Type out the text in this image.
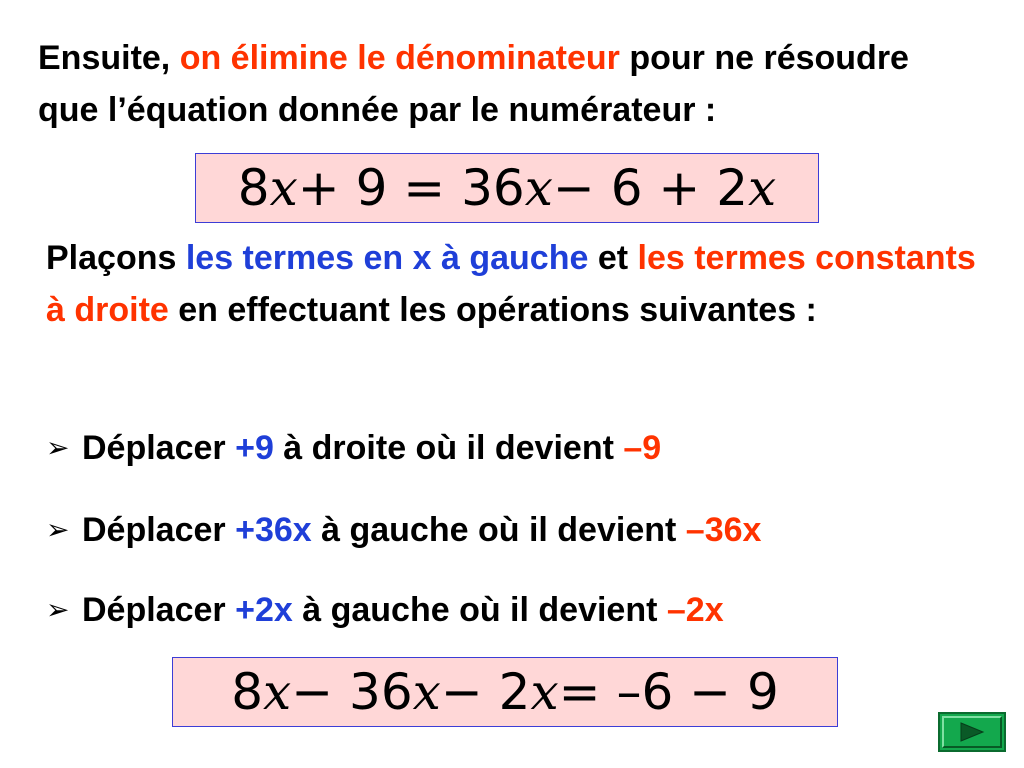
Ensuite, on élimine le dénominateur pour ne résoudre que l’équation donnée par le numérateur :

8 x + 9 = 36 x − 6 + 2 x

Plaçons les termes en x à gauche et les termes constants à droite en effectuant les opérations suivantes :

➢ Déplacer +9 à droite où il devient –9
➢ Déplacer +36x à gauche où il devient –36x
➢ Déplacer +2x à gauche où il devient –2x
8 x − 36 x − 2 x = –6 − 9
